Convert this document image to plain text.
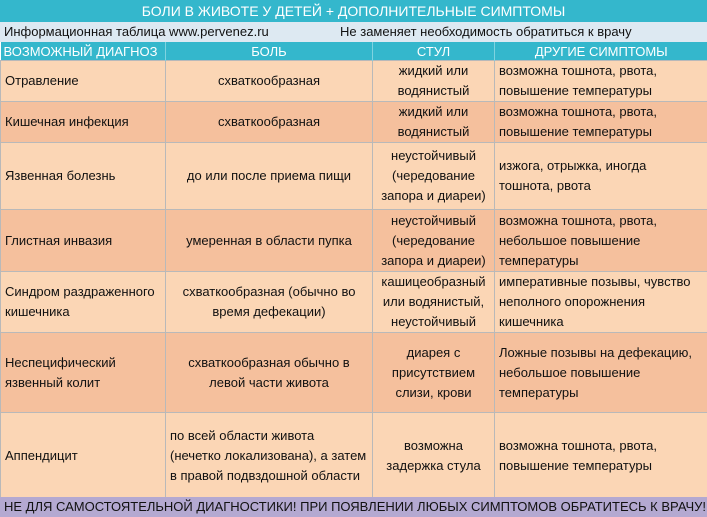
БОЛИ В ЖИВОТЕ У ДЕТЕЙ + ДОПОЛНИТЕЛЬНЫЕ СИМПТОМЫ
Информационная таблица www.pervenez.ru	Не заменяет необходимость обратиться к врачу
ВОЗМОЖНЫЙ ДИАГНОЗ	БОЛЬ	СТУЛ	ДРУГИЕ СИМПТОМЫ
Отравление	схваткообразная	жидкий или водянистый	возможна тошнота, рвота, повышение температуры
Кишечная инфекция	схваткообразная	жидкий или водянистый	возможна тошнота, рвота, повышение температуры
Язвенная болезнь	до или после приема пищи	неустойчивый (чередование запора и диареи)	изжога, отрыжка, иногда тошнота, рвота
Глистная инвазия	умеренная в области пупка	неустойчивый (чередование запора и диареи)	возможна тошнота, рвота, небольшое повышение температуры
Синдром раздраженного кишечника	схваткообразная (обычно во время дефекации)	кашицеобразный или водянистый, неустойчивый	императивные позывы, чувство неполного опорожнения кишечника
Неспецифический язвенный колит	схваткообразная обычно в левой части живота	диарея с присутствием слизи, крови	Ложные позывы на дефекацию, небольшое повышение температуры
Аппендицит	по всей области живота (нечетко локализована), а затем в правой подвздошной области	возможна задержка стула	возможна тошнота, рвота, повышение температуры
НЕ ДЛЯ САМОСТОЯТЕЛЬНОЙ ДИАГНОСТИКИ! ПРИ ПОЯВЛЕНИИ ЛЮБЫХ СИМПТОМОВ ОБРАТИТЕСЬ К ВРАЧУ!
